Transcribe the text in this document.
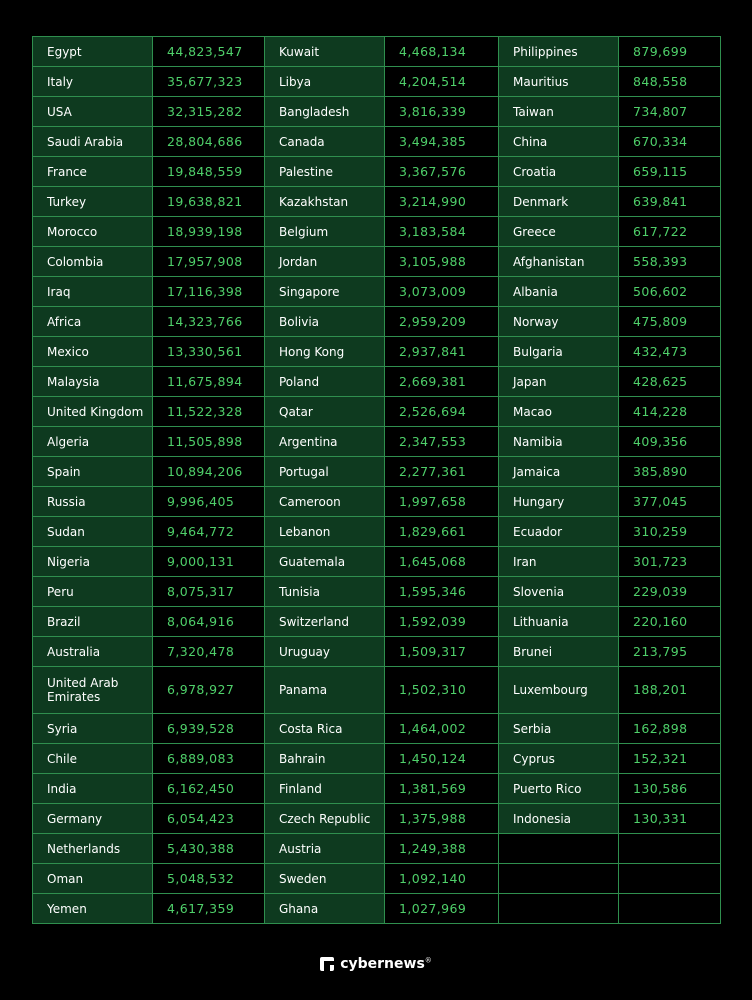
Egypt	44,823,547	Kuwait	4,468,134	Philippines	879,699
Italy	35,677,323	Libya	4,204,514	Mauritius	848,558
USA	32,315,282	Bangladesh	3,816,339	Taiwan	734,807
Saudi Arabia	28,804,686	Canada	3,494,385	China	670,334
France	19,848,559	Palestine	3,367,576	Croatia	659,115
Turkey	19,638,821	Kazakhstan	3,214,990	Denmark	639,841
Morocco	18,939,198	Belgium	3,183,584	Greece	617,722
Colombia	17,957,908	Jordan	3,105,988	Afghanistan	558,393
Iraq	17,116,398	Singapore	3,073,009	Albania	506,602
Africa	14,323,766	Bolivia	2,959,209	Norway	475,809
Mexico	13,330,561	Hong Kong	2,937,841	Bulgaria	432,473
Malaysia	11,675,894	Poland	2,669,381	Japan	428,625
United Kingdom	11,522,328	Qatar	2,526,694	Macao	414,228
Algeria	11,505,898	Argentina	2,347,553	Namibia	409,356
Spain	10,894,206	Portugal	2,277,361	Jamaica	385,890
Russia	9,996,405	Cameroon	1,997,658	Hungary	377,045
Sudan	9,464,772	Lebanon	1,829,661	Ecuador	310,259
Nigeria	9,000,131	Guatemala	1,645,068	Iran	301,723
Peru	8,075,317	Tunisia	1,595,346	Slovenia	229,039
Brazil	8,064,916	Switzerland	1,592,039	Lithuania	220,160
Australia	7,320,478	Uruguay	1,509,317	Brunei	213,795
United Arab Emirates	6,978,927	Panama	1,502,310	Luxembourg	188,201
Syria	6,939,528	Costa Rica	1,464,002	Serbia	162,898
Chile	6,889,083	Bahrain	1,450,124	Cyprus	152,321
India	6,162,450	Finland	1,381,569	Puerto Rico	130,586
Germany	6,054,423	Czech Republic	1,375,988	Indonesia	130,331
Netherlands	5,430,388	Austria	1,249,388		
Oman	5,048,532	Sweden	1,092,140		
Yemen	4,617,359	Ghana	1,027,969		
cybernews®
